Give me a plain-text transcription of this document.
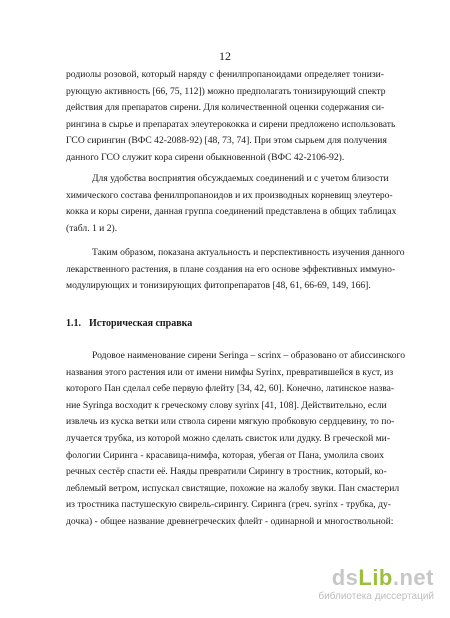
12
родиолы розовой, который наряду с фенилпропаноидами определяет тонизи-
рующую активность [66, 75, 112]) можно предполагать тонизирующий спектр
действия для препаратов сирени. Для количественной оценки содержания си-
рингина в сырье и препаратах элеутерококка и сирени предложено использовать
ГСО сирингин (ВФС 42-2088-92) [48, 73, 74]. При этом сырьем для получения
данного ГСО служит кора сирени обыкновенной (ВФС 42-2106-92).
Для удобства восприятия обсуждаемых соединений и с учетом близости
химического состава фенилпропаноидов и их производных корневищ элеутеро-
кокка и коры сирени, данная группа соединений представлена в общих таблицах
(табл. 1 и 2).
Таким образом, показана актуальность и перспективность изучения данного
лекарственного растения, в плане создания на его основе эффективных иммуно-
модулирующих и тонизирующих фитопрепаратов [48, 61, 66-69, 149, 166].
1.1. Историческая справка
Родовое наименование сирени Seringa – scrinx – образовано от абиссинского
названия этого растения или от имени нимфы Syrinx, превратившейся в куст, из
которого Пан сделал себе первую флейту [34, 42, 60]. Конечно, латинское назва-
ние Syringa восходит к греческому слову syrinx [41, 108]. Действительно, если
извлечь из куска ветки или ствола сирени мягкую пробковую сердцевину, то по-
лучается трубка, из которой можно сделать свисток или дудку. В греческой ми-
фологии Сиринга - красавица-нимфа, которая, убегая от Пана, умолила своих
речных сестёр спасти её. Наяды превратили Сирингу в тростник, который, ко-
леблемый ветром, испускал свистящие, похожие на жалобу звуки. Пан смастерил
из тростника пастушескую свирель-сирингу. Сиринга (греч. syrinx - трубка, ду-
дочка) - общее название древнегреческих флейт - одинарной и многоствольной:
dsLib.net
библиотека диссертаций
